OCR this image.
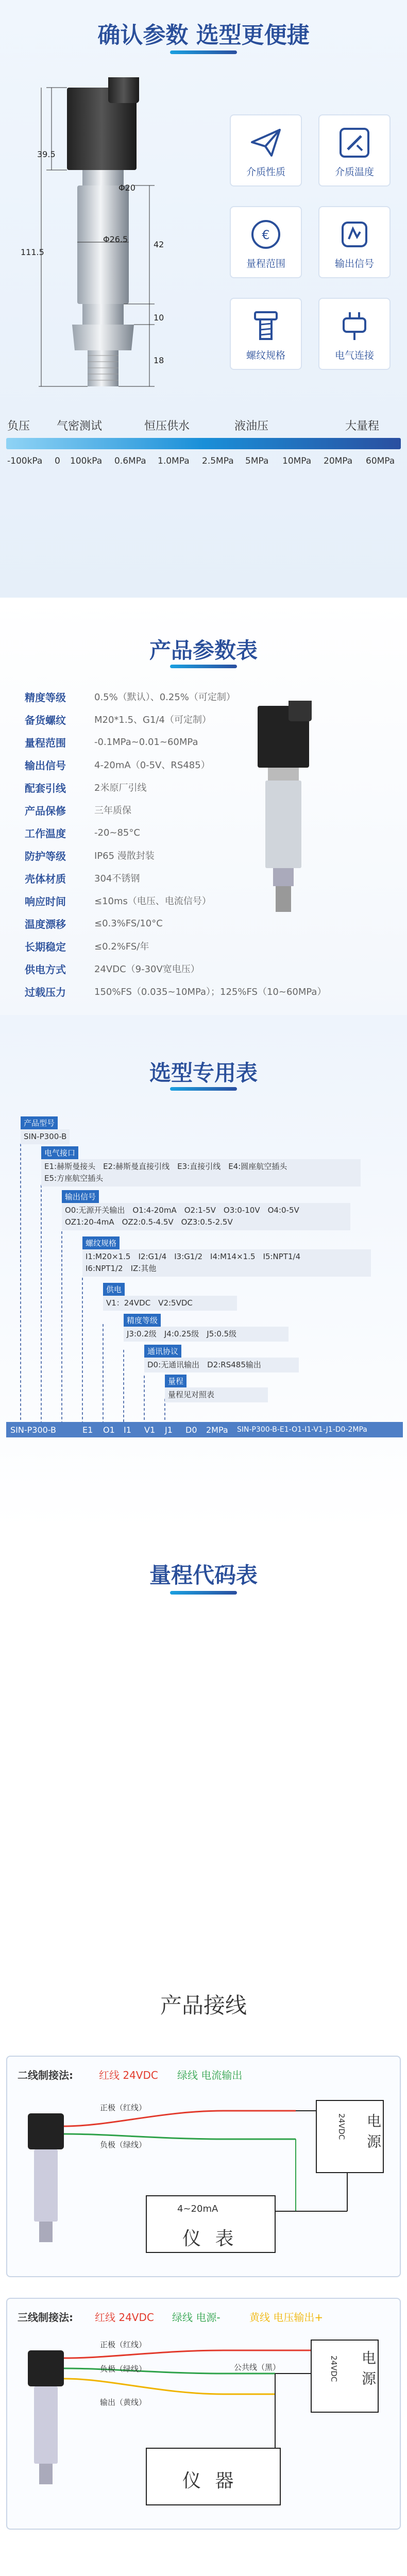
确认参数 选型更便捷
39.5
Φ20
Φ26.5
111.5
42
10
18
介质性质	介质温度
€
量程范围	输出信号
螺纹规格	电气连接
负压 气密测试	恒压供水	液油压	大量程
-100kPa 0 100kPa 0.6MPa 1.0MPa 2.5MPa 5MPa 10MPa 20MPa 60MPa
产品参数表
精度等级	0.5%（默认）、0.25%（可定制）
备货螺纹	M20*1.5、G1/4（可定制）
量程范围	-0.1MPa~0.01~60MPa
输出信号	4-20mA（0-5V、RS485）
配套引线	2米原厂引线
产品保修	三年质保
工作温度	-20~85°C
防护等级	IP65 漫散封装
壳体材质	304不锈钢
响应时间	≤10ms（电压、电流信号）
温度漂移	≤0.3%FS/10°C
长期稳定	≤0.2%FS/年
供电方式	24VDC（9-30V宽电压）
过载压力	150%FS（0.035~10MPa）；125%FS（10~60MPa）
选型专用表
产品型号
SIN-P300-B
电气接口
E1:赫斯曼接头　E2:赫斯曼直接引线　E3:直接引线　E4:圆座航空插头
E5:方座航空插头
输出信号
O0:无源开关输出　O1:4-20mA　O2:1-5V　O3:0-10V　O4:0-5V
OZ1:20-4mA　OZ2:0.5-4.5V　OZ3:0.5-2.5V
螺纹规格
I1:M20×1.5　I2:G1/4　I3:G1/2　I4:M14×1.5　I5:NPT1/4
I6:NPT1/2　IZ:其他
供电
V1：24VDC　V2:5VDC
精度等级
J3:0.2级　J4:0.25级　J5:0.5级
通讯协议
D0:无通讯输出　D2:RS485输出
量程
量程见对照表
SIN-P300-B	E1	O1	I1	V1	J1	D0	2MPa	SIN-P300-B-E1-O1-I1-V1-J1-D0-2MPa
量程代码表

产品接线
二线制接法:	红线 24VDC 绿线 电流输出
正极（红线）
负极（绿线）	电源
24VDC
4~20mA
仪 表
三线制接法: 红线 24VDC 绿线 电源-	黄线 电压输出+
正极（红线）
负极（绿线）
输出（黄线）
公共线（黑）	电源
24VDC
仪 器
